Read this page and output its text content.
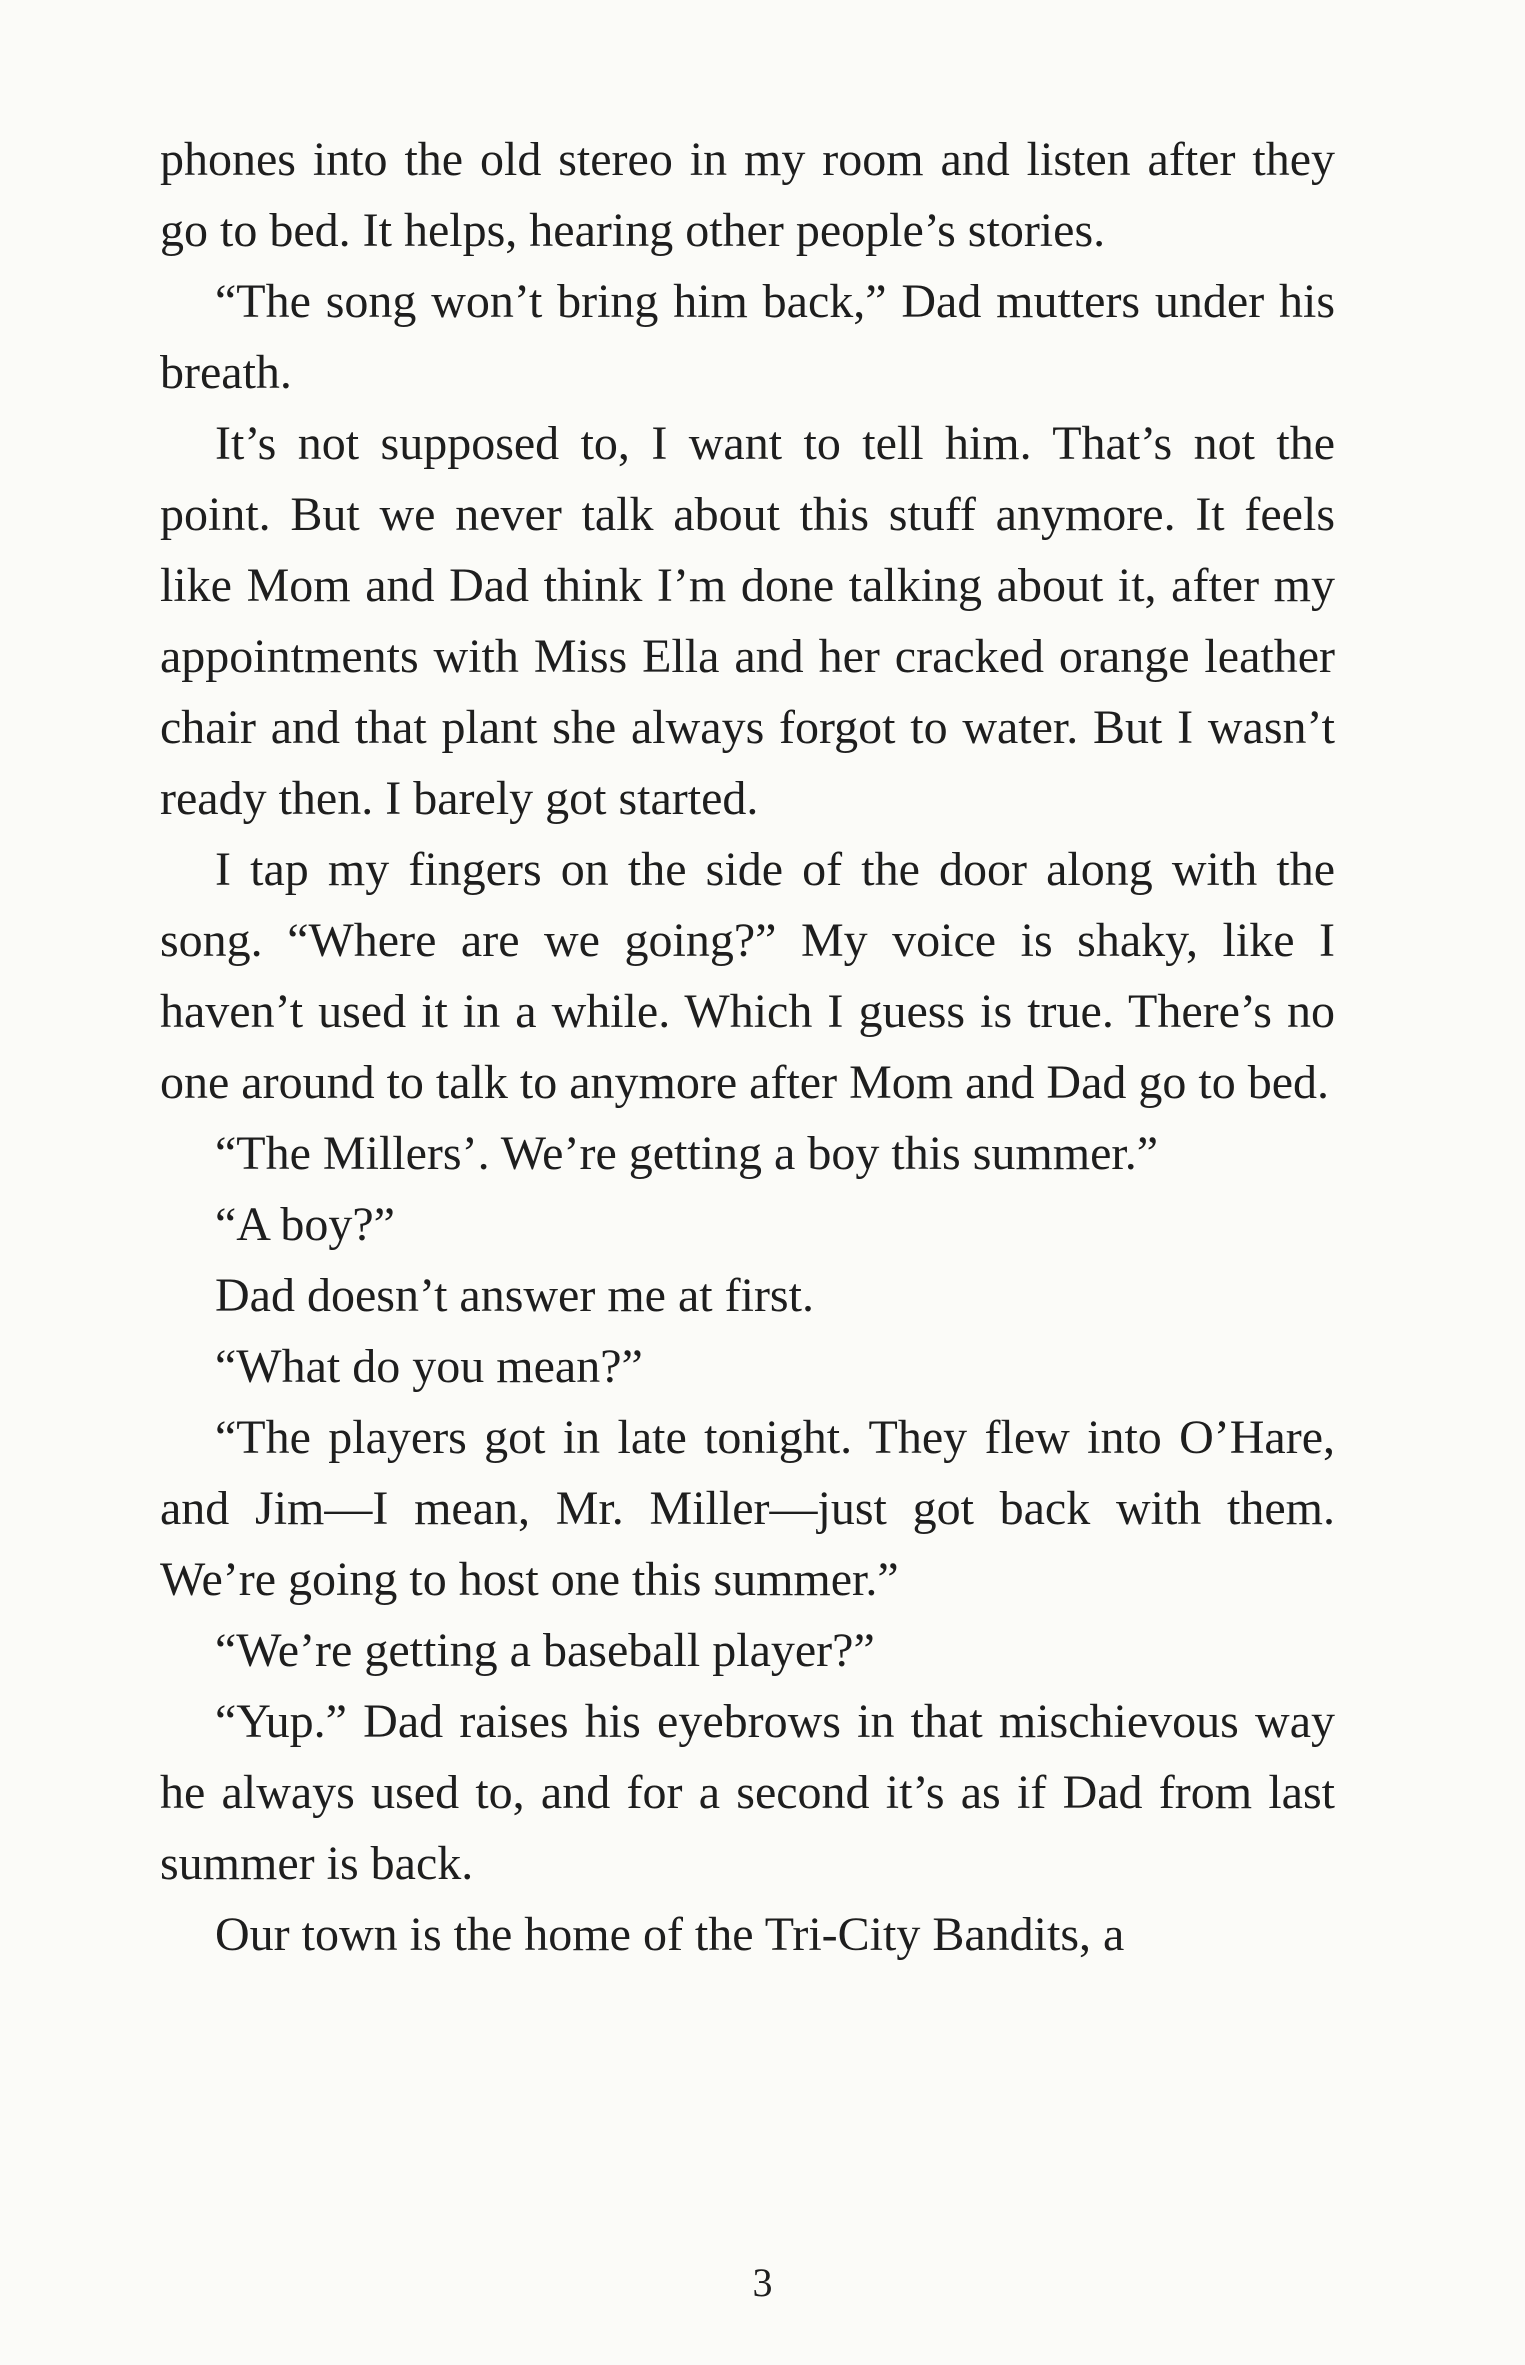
phones into the old stereo in my room and listen after they go to bed. It helps, hearing other people’s stories.

“The song won’t bring him back,” Dad mutters under his breath.

It’s not supposed to, I want to tell him. That’s not the point. But we never talk about this stuff anymore. It feels like Mom and Dad think I’m done talking about it, after my appointments with Miss Ella and her cracked orange leather chair and that plant she always forgot to water. But I wasn’t ready then. I barely got started.

I tap my fingers on the side of the door along with the song. “Where are we going?” My voice is shaky, like I haven’t used it in a while. Which I guess is true. There’s no one around to talk to anymore after Mom and Dad go to bed.

“The Millers’. We’re getting a boy this summer.”

“A boy?”

Dad doesn’t answer me at first.

“What do you mean?”

“The players got in late tonight. They flew into O’Hare, and Jim—I mean, Mr. Miller—just got back with them. We’re going to host one this summer.”

“We’re getting a baseball player?”

“Yup.” Dad raises his eyebrows in that mischievous way he always used to, and for a second it’s as if Dad from last summer is back.

Our town is the home of the Tri-City Bandits, a

3
